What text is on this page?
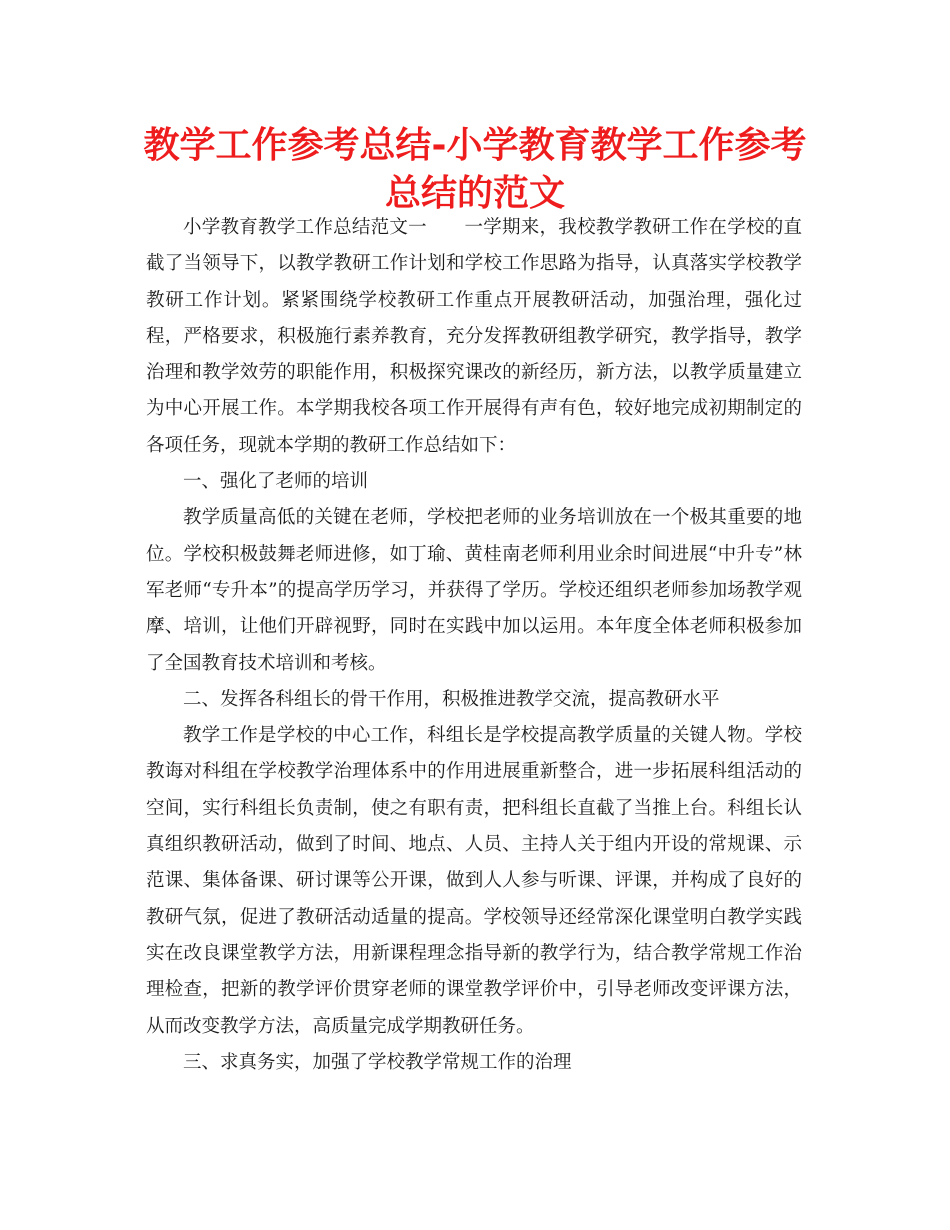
教学工作参考总结-小学教育教学工作参考总结的范文

小学教育教学工作总结范文一　　一学期来，我校教学教研工作在学校的直截了当领导下，以教学教研工作计划和学校工作思路为指导，认真落实学校教学教研工作计划。紧紧围绕学校教研工作重点开展教研活动，加强治理，强化过程，严格要求，积极施行素养教育，充分发挥教研组教学研究，教学指导，教学治理和教学效劳的职能作用，积极探究课改的新经历，新方法，以教学质量建立为中心开展工作。本学期我校各项工作开展得有声有色，较好地完成初期制定的各项任务，现就本学期的教研工作总结如下：

一、强化了老师的培训

教学质量高低的关键在老师，学校把老师的业务培训放在一个极其重要的地位。学校积极鼓舞老师进修，如丁瑜、黄桂南老师利用业余时间进展“中升专”林军老师“专升本”的提高学历学习，并获得了学历。学校还组织老师参加场教学观摩、培训，让他们开辟视野，同时在实践中加以运用。本年度全体老师积极参加了全国教育技术培训和考核。

二、发挥各科组长的骨干作用，积极推进教学交流，提高教研水平

教学工作是学校的中心工作，科组长是学校提高教学质量的关键人物。学校教诲对科组在学校教学治理体系中的作用进展重新整合，进一步拓展科组活动的空间，实行科组长负责制，使之有职有责，把科组长直截了当推上台。科组长认真组织教研活动，做到了时间、地点、人员、主持人关于组内开设的常规课、示范课、集体备课、研讨课等公开课，做到人人参与听课、评课，并构成了良好的教研气氛，促进了教研活动适量的提高。学校领导还经常深化课堂明白教学实践实在改良课堂教学方法，用新课程理念指导新的教学行为，结合教学常规工作治理检查，把新的教学评价贯穿老师的课堂教学评价中，引导老师改变评课方法，从而改变教学方法，高质量完成学期教研任务。

三、求真务实，加强了学校教学常规工作的治理
